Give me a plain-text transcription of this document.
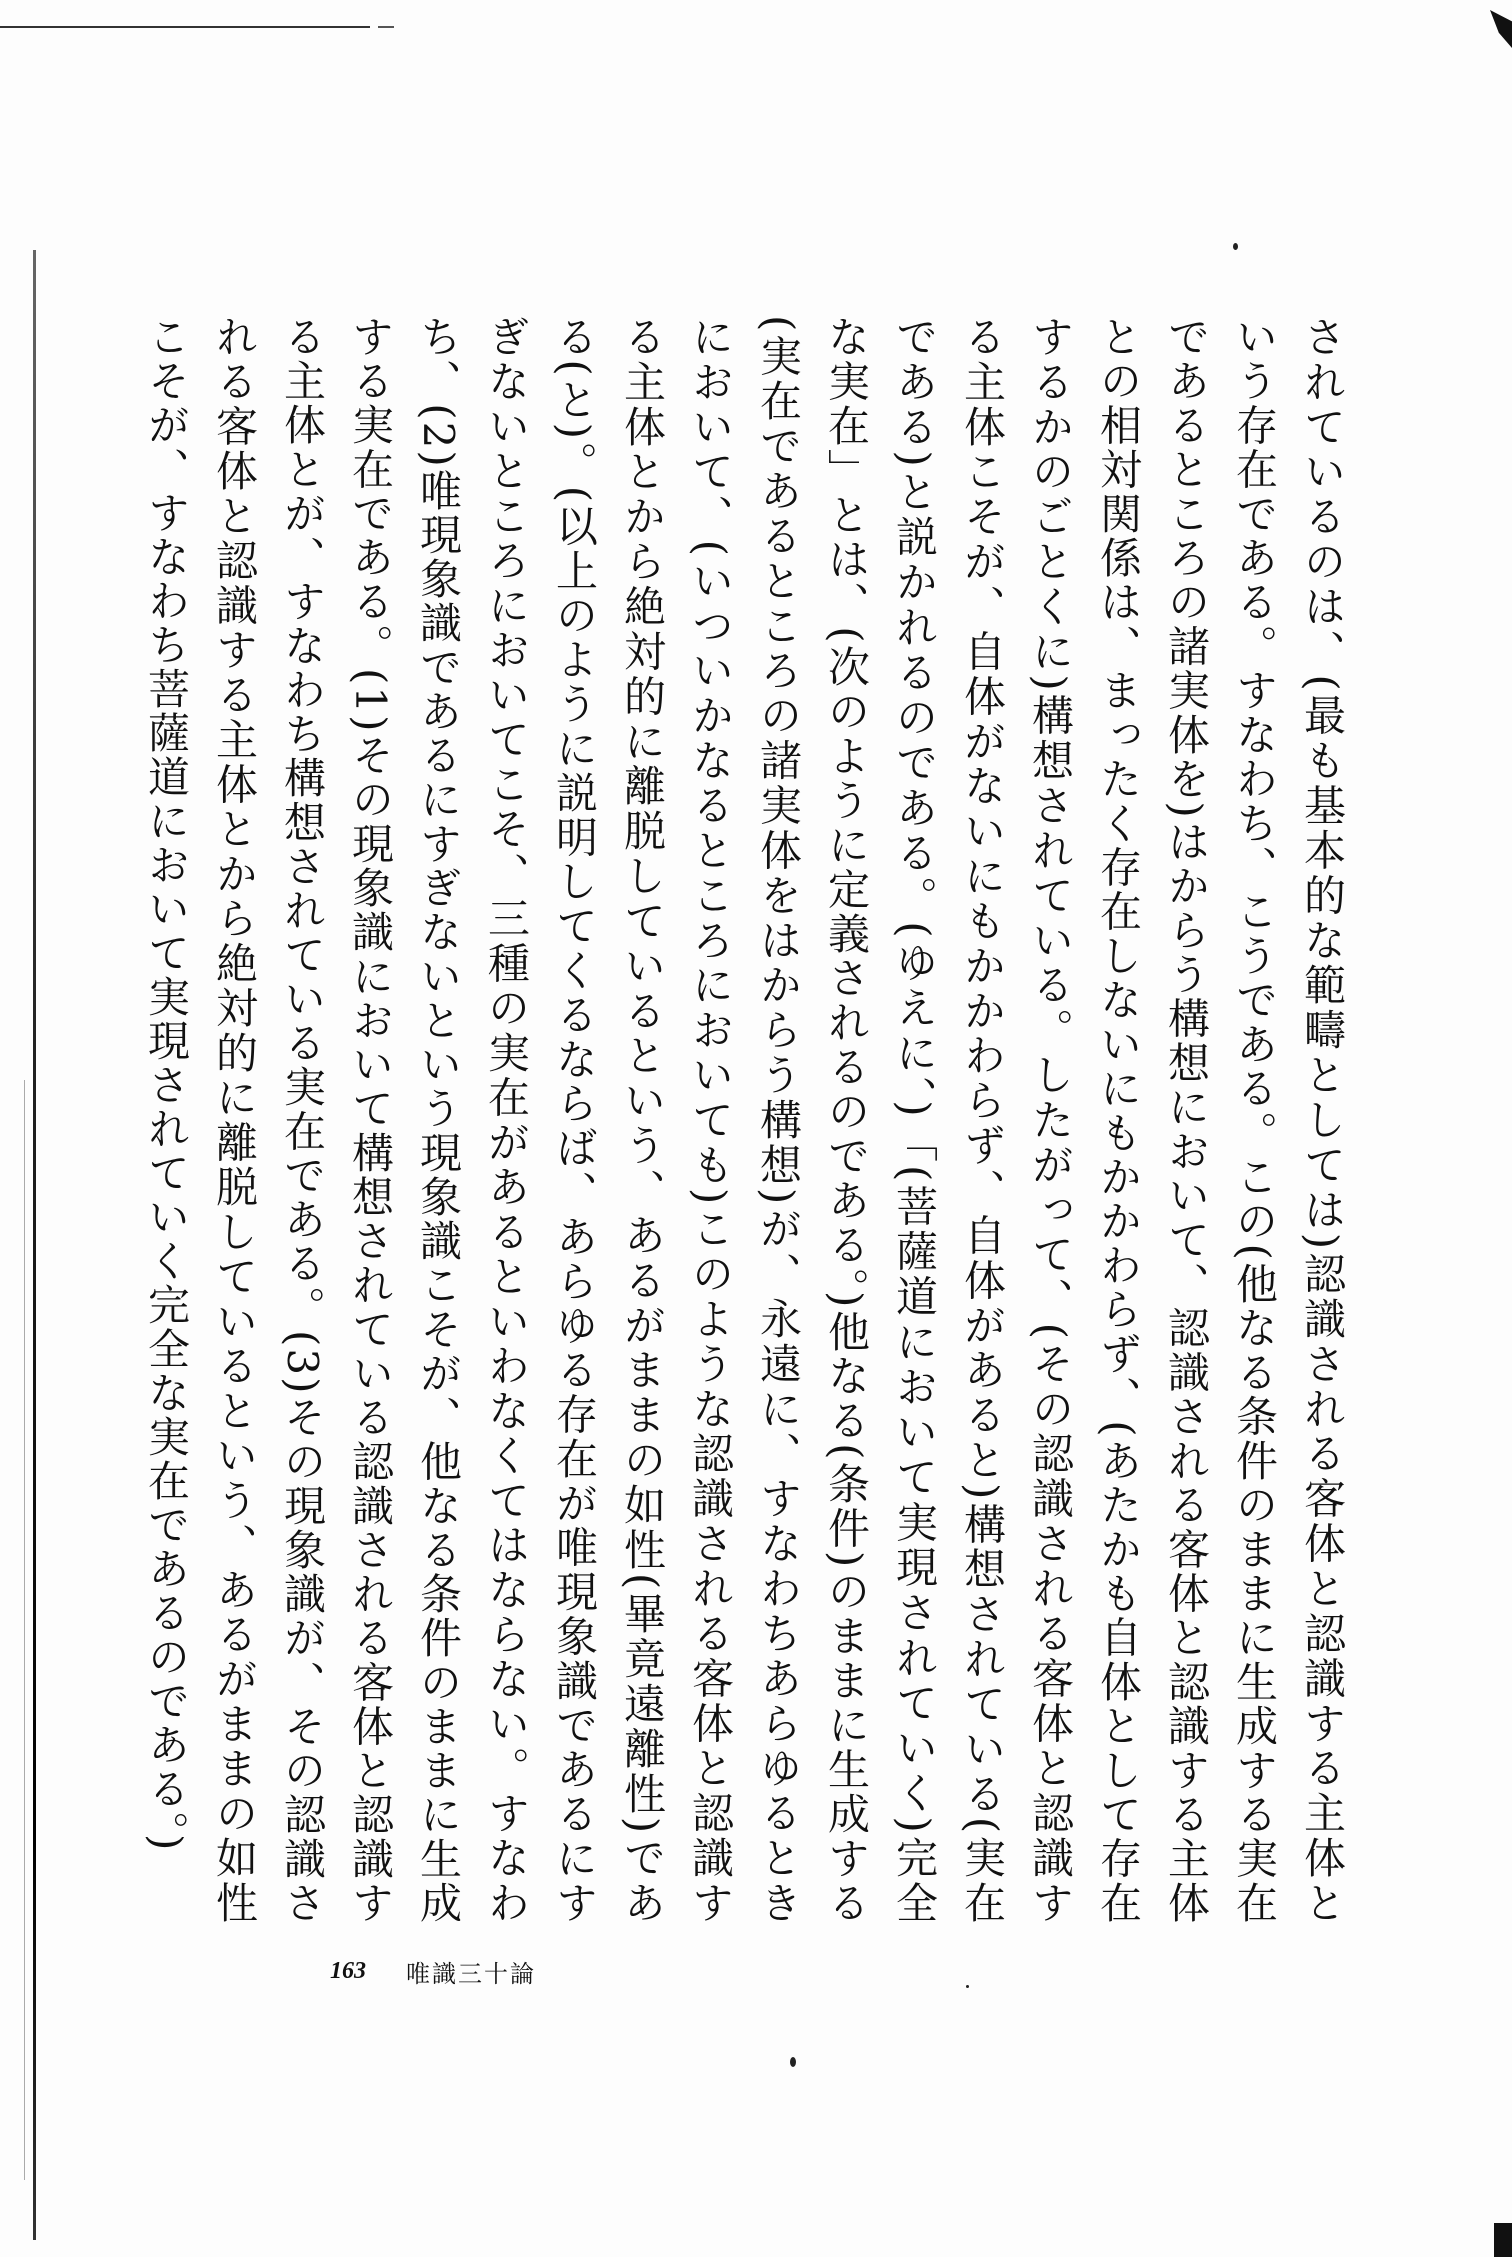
されているのは、(最も基本的な範疇としては)認識される客体と認識する主体という存在である。すなわち、こうである。この(他なる条件のままに生成する実在であるところの諸実体を)はからう構想において、認識される客体と認識する主体との相対関係は、まったく存在しないにもかかわらず、(あたかも自体として存在するかのごとくに)構想されている。したがって、(その認識される客体と認識する主体こそが、自体がないにもかかわらず、自体があると)構想されている(実在である)と説かれるのである。(ゆえに、)「(菩薩道において実現されていく)完全な実在」とは、(次のように定義されるのである。)他なる(条件)のままに生成する(実在であるところの諸実体をはからう構想)が、永遠に、すなわちあらゆるときにおいて、(いついかなるところにおいても)このような認識される客体と認識する主体とから絶対的に離脱しているという、あるがままの如性(畢竟遠離性)である(と)。(以上のように説明してくるならば、あらゆる存在が唯現象識であるにすぎないところにおいてこそ、三種の実在があるといわなくてはならない。すなわち、(2)唯現象識であるにすぎないという現象識こそが、他なる条件のままに生成する実在である。(1)その現象識において構想されている認識される客体と認識する主体とが、すなわち構想されている実在である。(3)その現象識が、その認識される客体と認識する主体とから絶対的に離脱しているという、あるがままの如性こそが、すなわち菩薩道において実現されていく完全な実在であるのである。)

163 唯識三十論
